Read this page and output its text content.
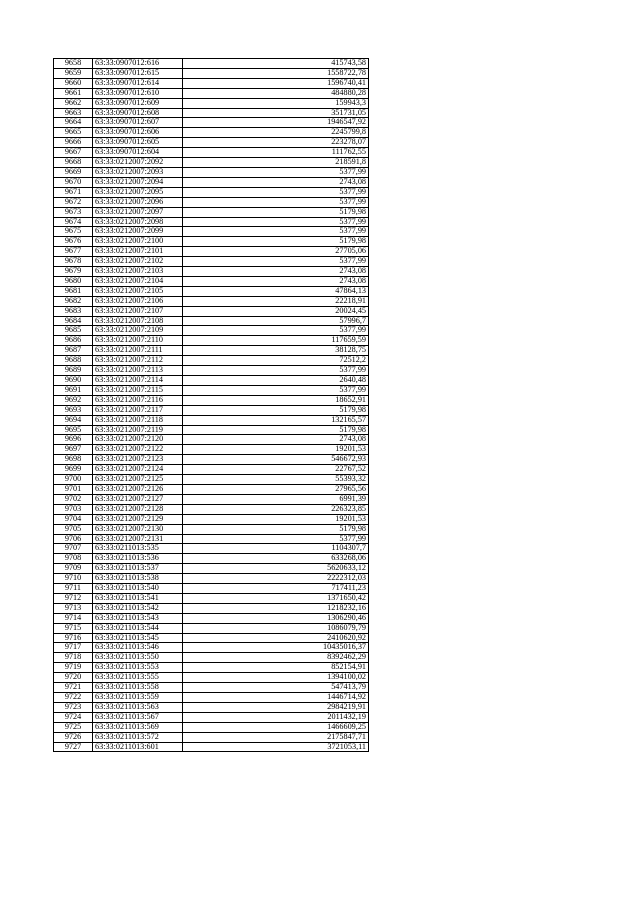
9658	63:33:0907012:616	415743,58
9659	63:33:0907012:615	1558722,78
9660	63:33:0907012:614	1596740,41
9661	63:33:0907012:610	484880,28
9662	63:33:0907012:609	159943,3
9663	63:33:0907012:608	351731,05
9664	63:33:0907012:607	1946547,92
9665	63:33:0907012:606	2245799,8
9666	63:33:0907012:605	223278,07
9667	63:33:0907012:604	111762,55
9668	63:33:0212007:2092	218591,8
9669	63:33:0212007:2093	5377,99
9670	63:33:0212007:2094	2743,08
9671	63:33:0212007:2095	5377,99
9672	63:33:0212007:2096	5377,99
9673	63:33:0212007:2097	5179,98
9674	63:33:0212007:2098	5377,99
9675	63:33:0212007:2099	5377,99
9676	63:33:0212007:2100	5179,98
9677	63:33:0212007:2101	27705,06
9678	63:33:0212007:2102	5377,99
9679	63:33:0212007:2103	2743,08
9680	63:33:0212007:2104	2743,08
9681	63:33:0212007:2105	47864,13
9682	63:33:0212007:2106	22218,91
9683	63:33:0212007:2107	20024,45
9684	63:33:0212007:2108	57996,7
9685	63:33:0212007:2109	5377,99
9686	63:33:0212007:2110	117659,59
9687	63:33:0212007:2111	38128,75
9688	63:33:0212007:2112	72512,2
9689	63:33:0212007:2113	5377,99
9690	63:33:0212007:2114	2640,48
9691	63:33:0212007:2115	5377,99
9692	63:33:0212007:2116	18652,91
9693	63:33:0212007:2117	5179,98
9694	63:33:0212007:2118	132165,57
9695	63:33:0212007:2119	5179,98
9696	63:33:0212007:2120	2743,08
9697	63:33:0212007:2122	19201,53
9698	63:33:0212007:2123	546672,93
9699	63:33:0212007:2124	22767,52
9700	63:33:0212007:2125	55393,32
9701	63:33:0212007:2126	27965,56
9702	63:33:0212007:2127	6991,39
9703	63:33:0212007:2128	226323,85
9704	63:33:0212007:2129	19201,53
9705	63:33:0212007:2130	5179,98
9706	63:33:0212007:2131	5377,99
9707	63:33:0211013:535	1104307,7
9708	63:33:0211013:536	633268,06
9709	63:33:0211013:537	5620633,12
9710	63:33:0211013:538	2222312,03
9711	63:33:0211013:540	717411,23
9712	63:33:0211013:541	1371650,42
9713	63:33:0211013:542	1218232,16
9714	63:33:0211013:543	1306290,46
9715	63:33:0211013:544	1086079,79
9716	63:33:0211013:545	2410620,92
9717	63:33:0211013:546	10435016,37
9718	63:33:0211013:550	8392462,29
9719	63:33:0211013:553	852154,91
9720	63:33:0211013:555	1394100,02
9721	63:33:0211013:558	547413,79
9722	63:33:0211013:559	1446714,92
9723	63:33:0211013:563	2984219,91
9724	63:33:0211013:567	2011432,19
9725	63:33:0211013:569	1466609,25
9726	63:33:0211013:572	2175847,71
9727	63:33:0211013:601	3721053,11
